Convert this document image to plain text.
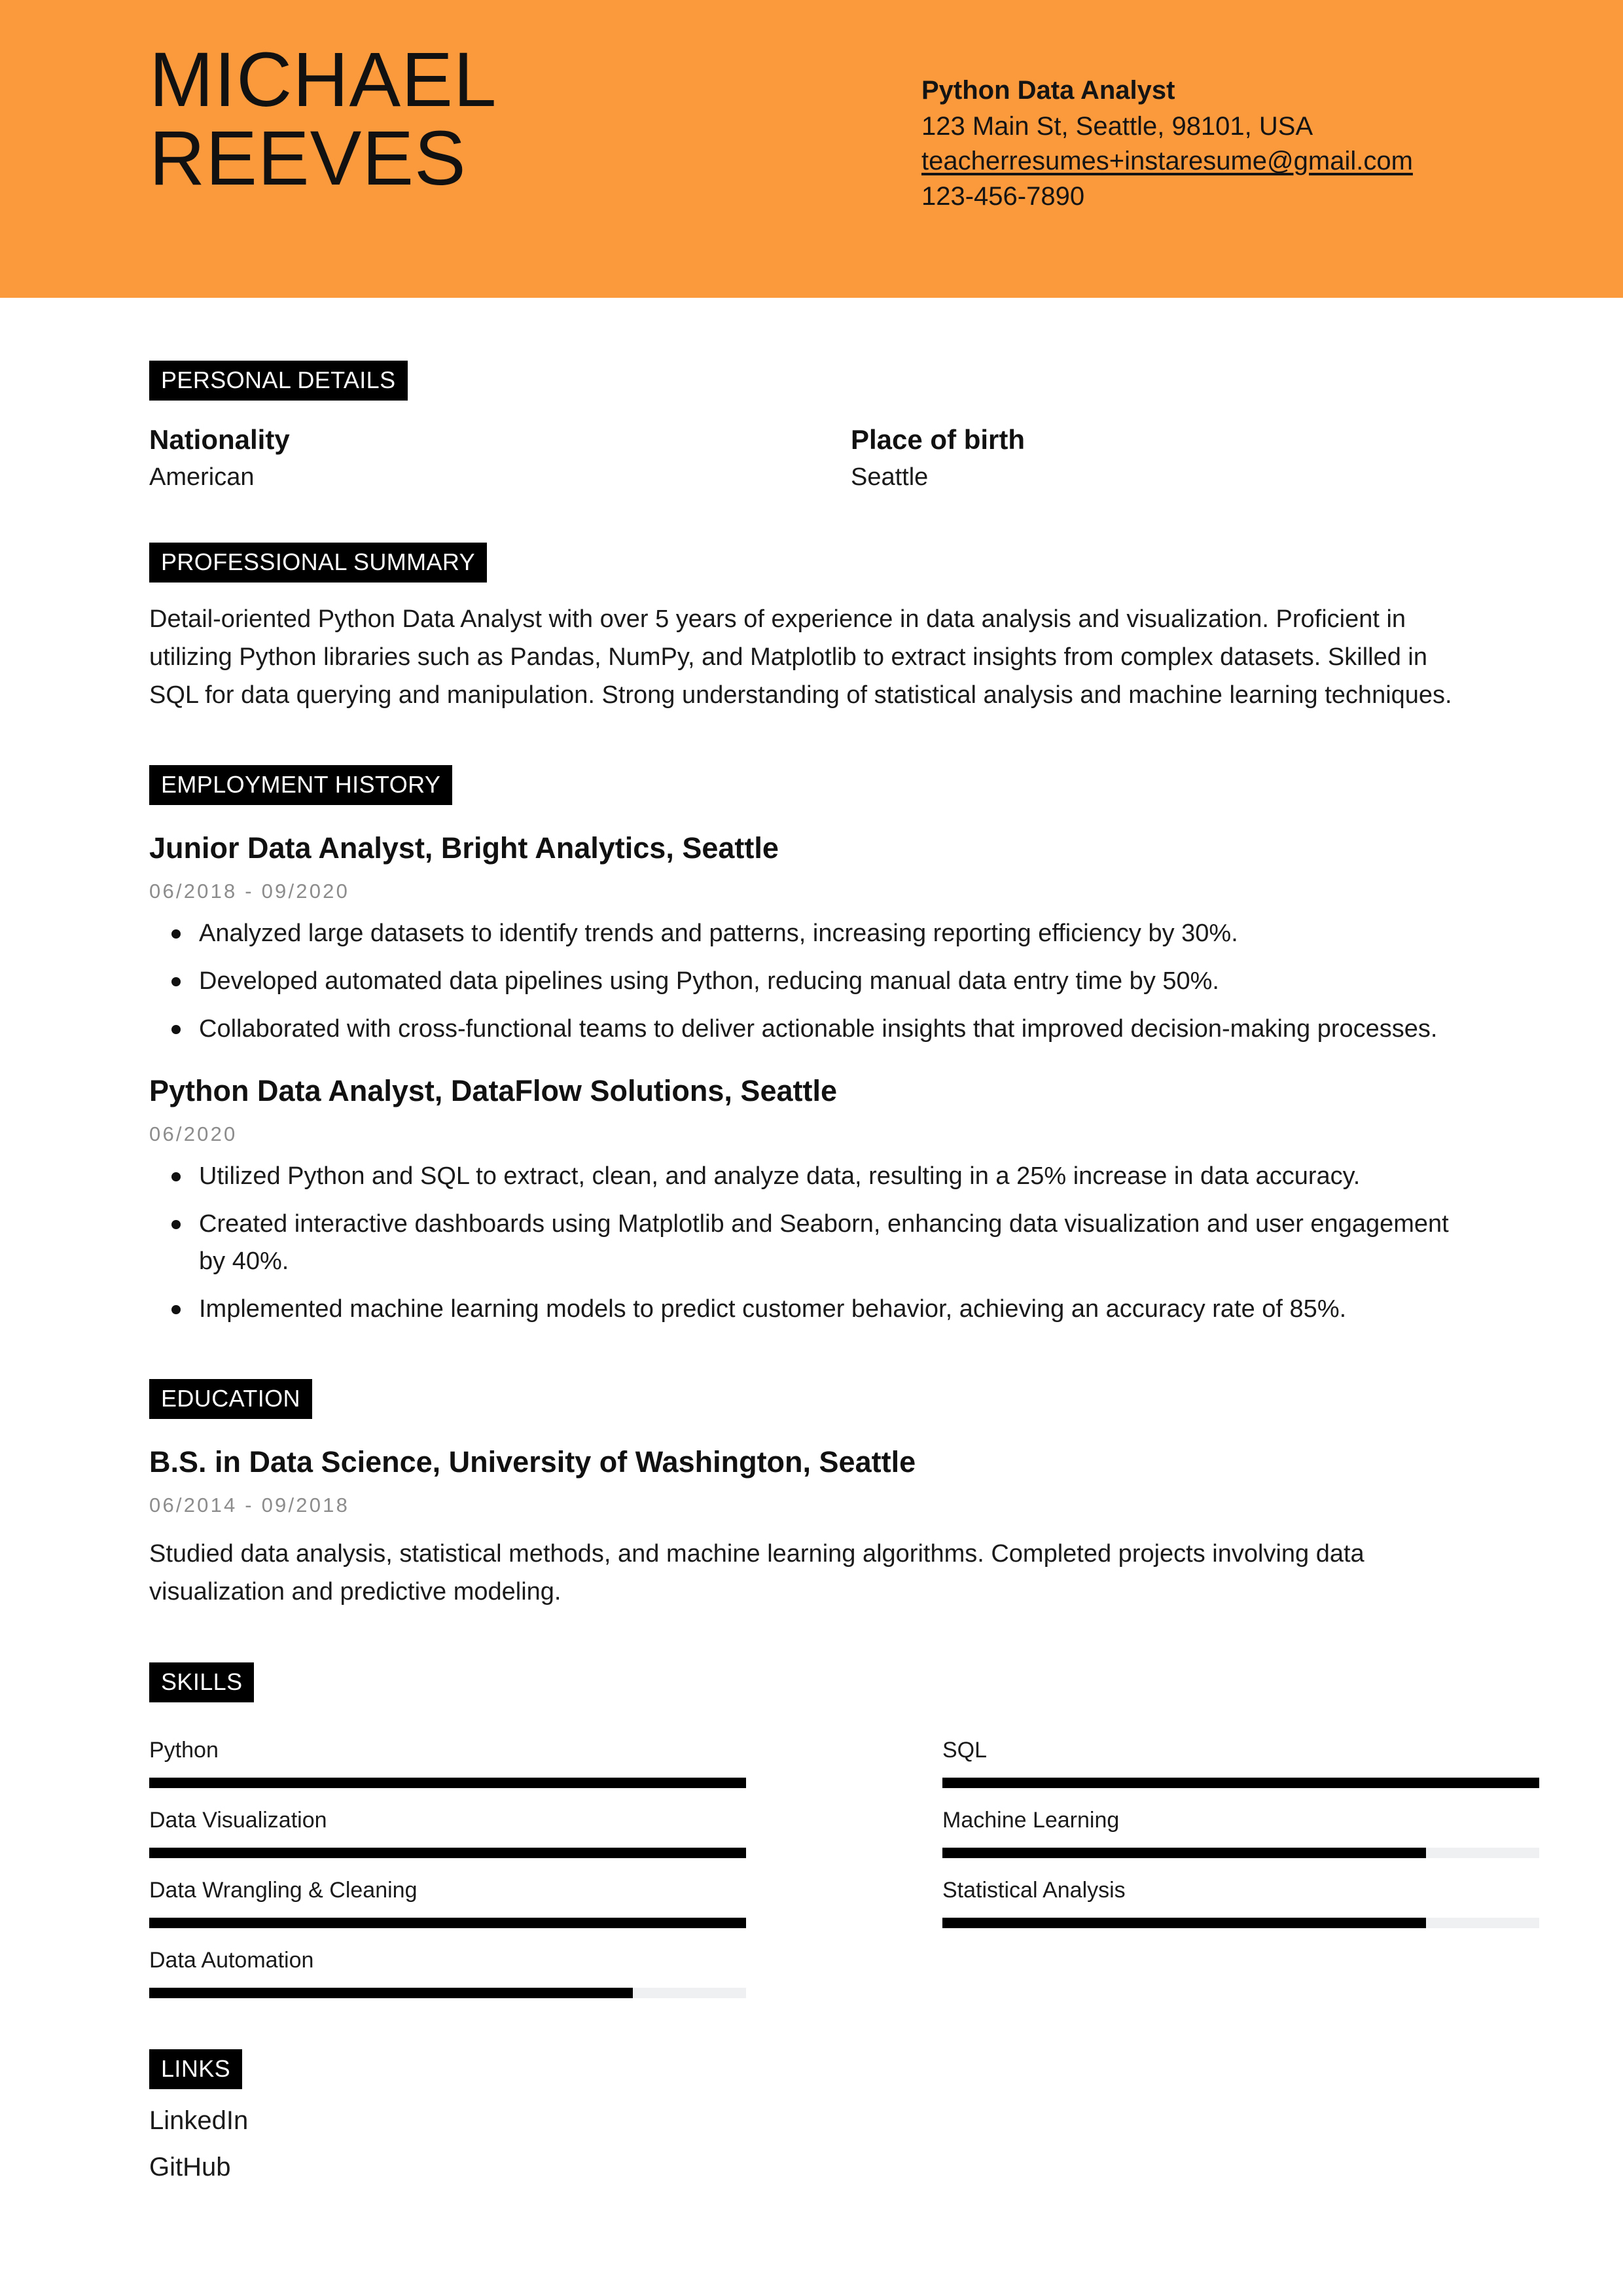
MICHAEL
REEVES
Python Data Analyst
123 Main St, Seattle, 98101, USA
teacherresumes+instaresume@gmail.com
123-456-7890
PERSONAL DETAILS
Nationality
American
Place of birth
Seattle
PROFESSIONAL SUMMARY
Detail-oriented Python Data Analyst with over 5 years of experience in data analysis and visualization. Proficient in utilizing Python libraries such as Pandas, NumPy, and Matplotlib to extract insights from complex datasets. Skilled in SQL for data querying and manipulation. Strong understanding of statistical analysis and machine learning techniques.
EMPLOYMENT HISTORY
Junior Data Analyst, Bright Analytics, Seattle
06/2018 - 09/2020
Analyzed large datasets to identify trends and patterns, increasing reporting efficiency by 30%.
Developed automated data pipelines using Python, reducing manual data entry time by 50%.
Collaborated with cross-functional teams to deliver actionable insights that improved decision-making processes.
Python Data Analyst, DataFlow Solutions, Seattle
06/2020
Utilized Python and SQL to extract, clean, and analyze data, resulting in a 25% increase in data accuracy.
Created interactive dashboards using Matplotlib and Seaborn, enhancing data visualization and user engagement by 40%.
Implemented machine learning models to predict customer behavior, achieving an accuracy rate of 85%.
EDUCATION
B.S. in Data Science, University of Washington, Seattle
06/2014 - 09/2018
Studied data analysis, statistical methods, and machine learning algorithms. Completed projects involving data visualization and predictive modeling.
SKILLS
Python
Data Visualization
Data Wrangling & Cleaning
Data Automation
SQL
Machine Learning
Statistical Analysis
LINKS
LinkedIn
GitHub
